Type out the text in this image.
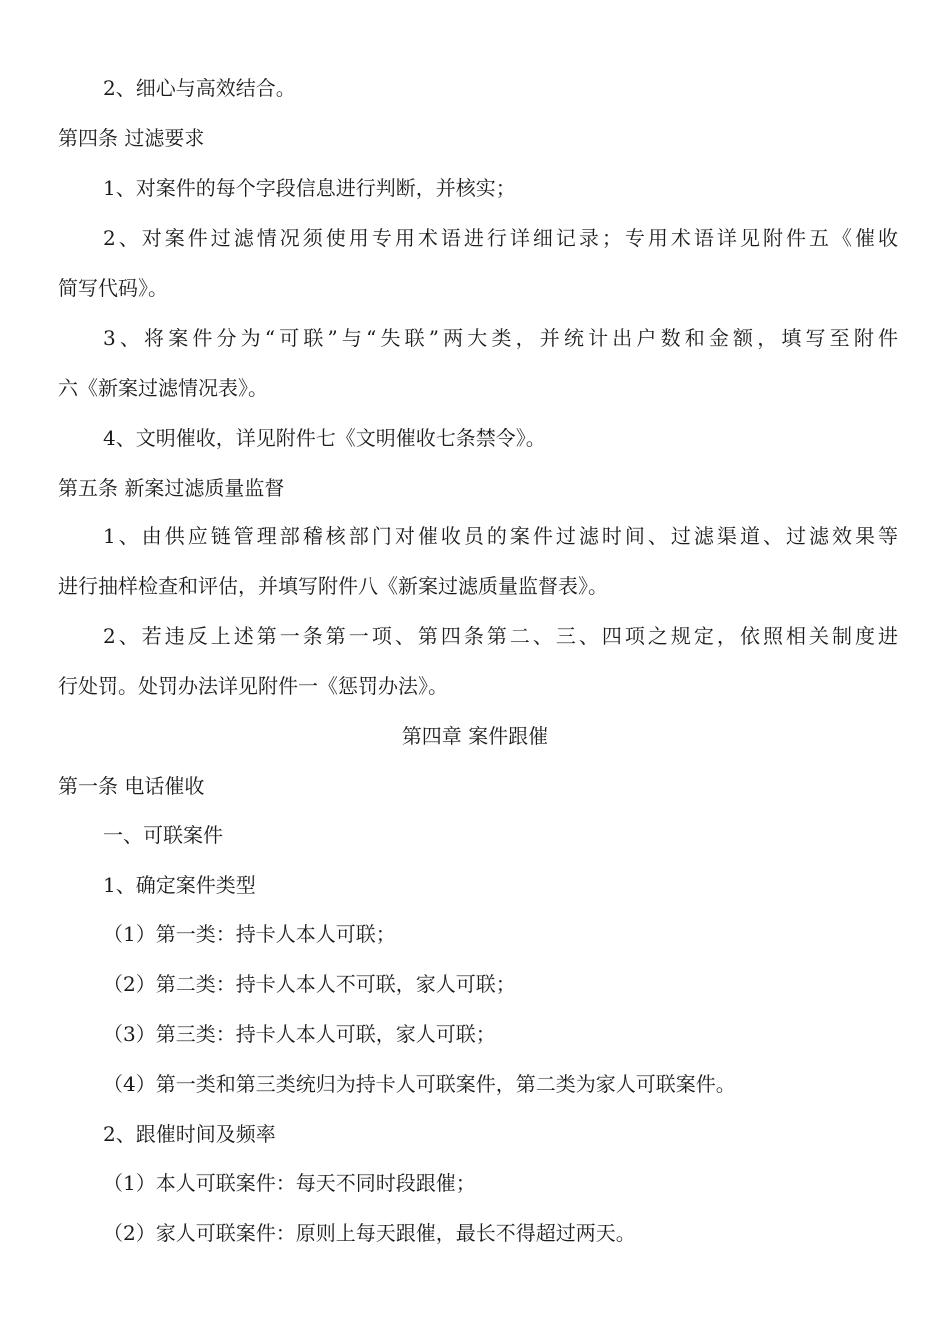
2、细心与高效结合。
第四条 过滤要求
1、对案件的每个字段信息进行判断，并核实；
2、对案件过滤情况须使用专用术语进行详细记录；专用术语详见附件五《催收
简写代码》。
3、将案件分为“可联”与“失联”两大类，并统计出户数和金额，填写至附件
六《新案过滤情况表》。
4、文明催收，详见附件七《文明催收七条禁令》。
第五条 新案过滤质量监督
1、由供应链管理部稽核部门对催收员的案件过滤时间、过滤渠道、过滤效果等
进行抽样检查和评估，并填写附件八《新案过滤质量监督表》。
2、若违反上述第一条第一项、第四条第二、三、四项之规定，依照相关制度进
行处罚。处罚办法详见附件一《惩罚办法》。
第四章 案件跟催
第一条 电话催收
一、可联案件
1、确定案件类型
（1）第一类：持卡人本人可联；
（2）第二类：持卡人本人不可联，家人可联；
（3）第三类：持卡人本人可联，家人可联；
（4）第一类和第三类统归为持卡人可联案件，第二类为家人可联案件。
2、跟催时间及频率
（1）本人可联案件：每天不同时段跟催；
（2）家人可联案件：原则上每天跟催，最长不得超过两天。
